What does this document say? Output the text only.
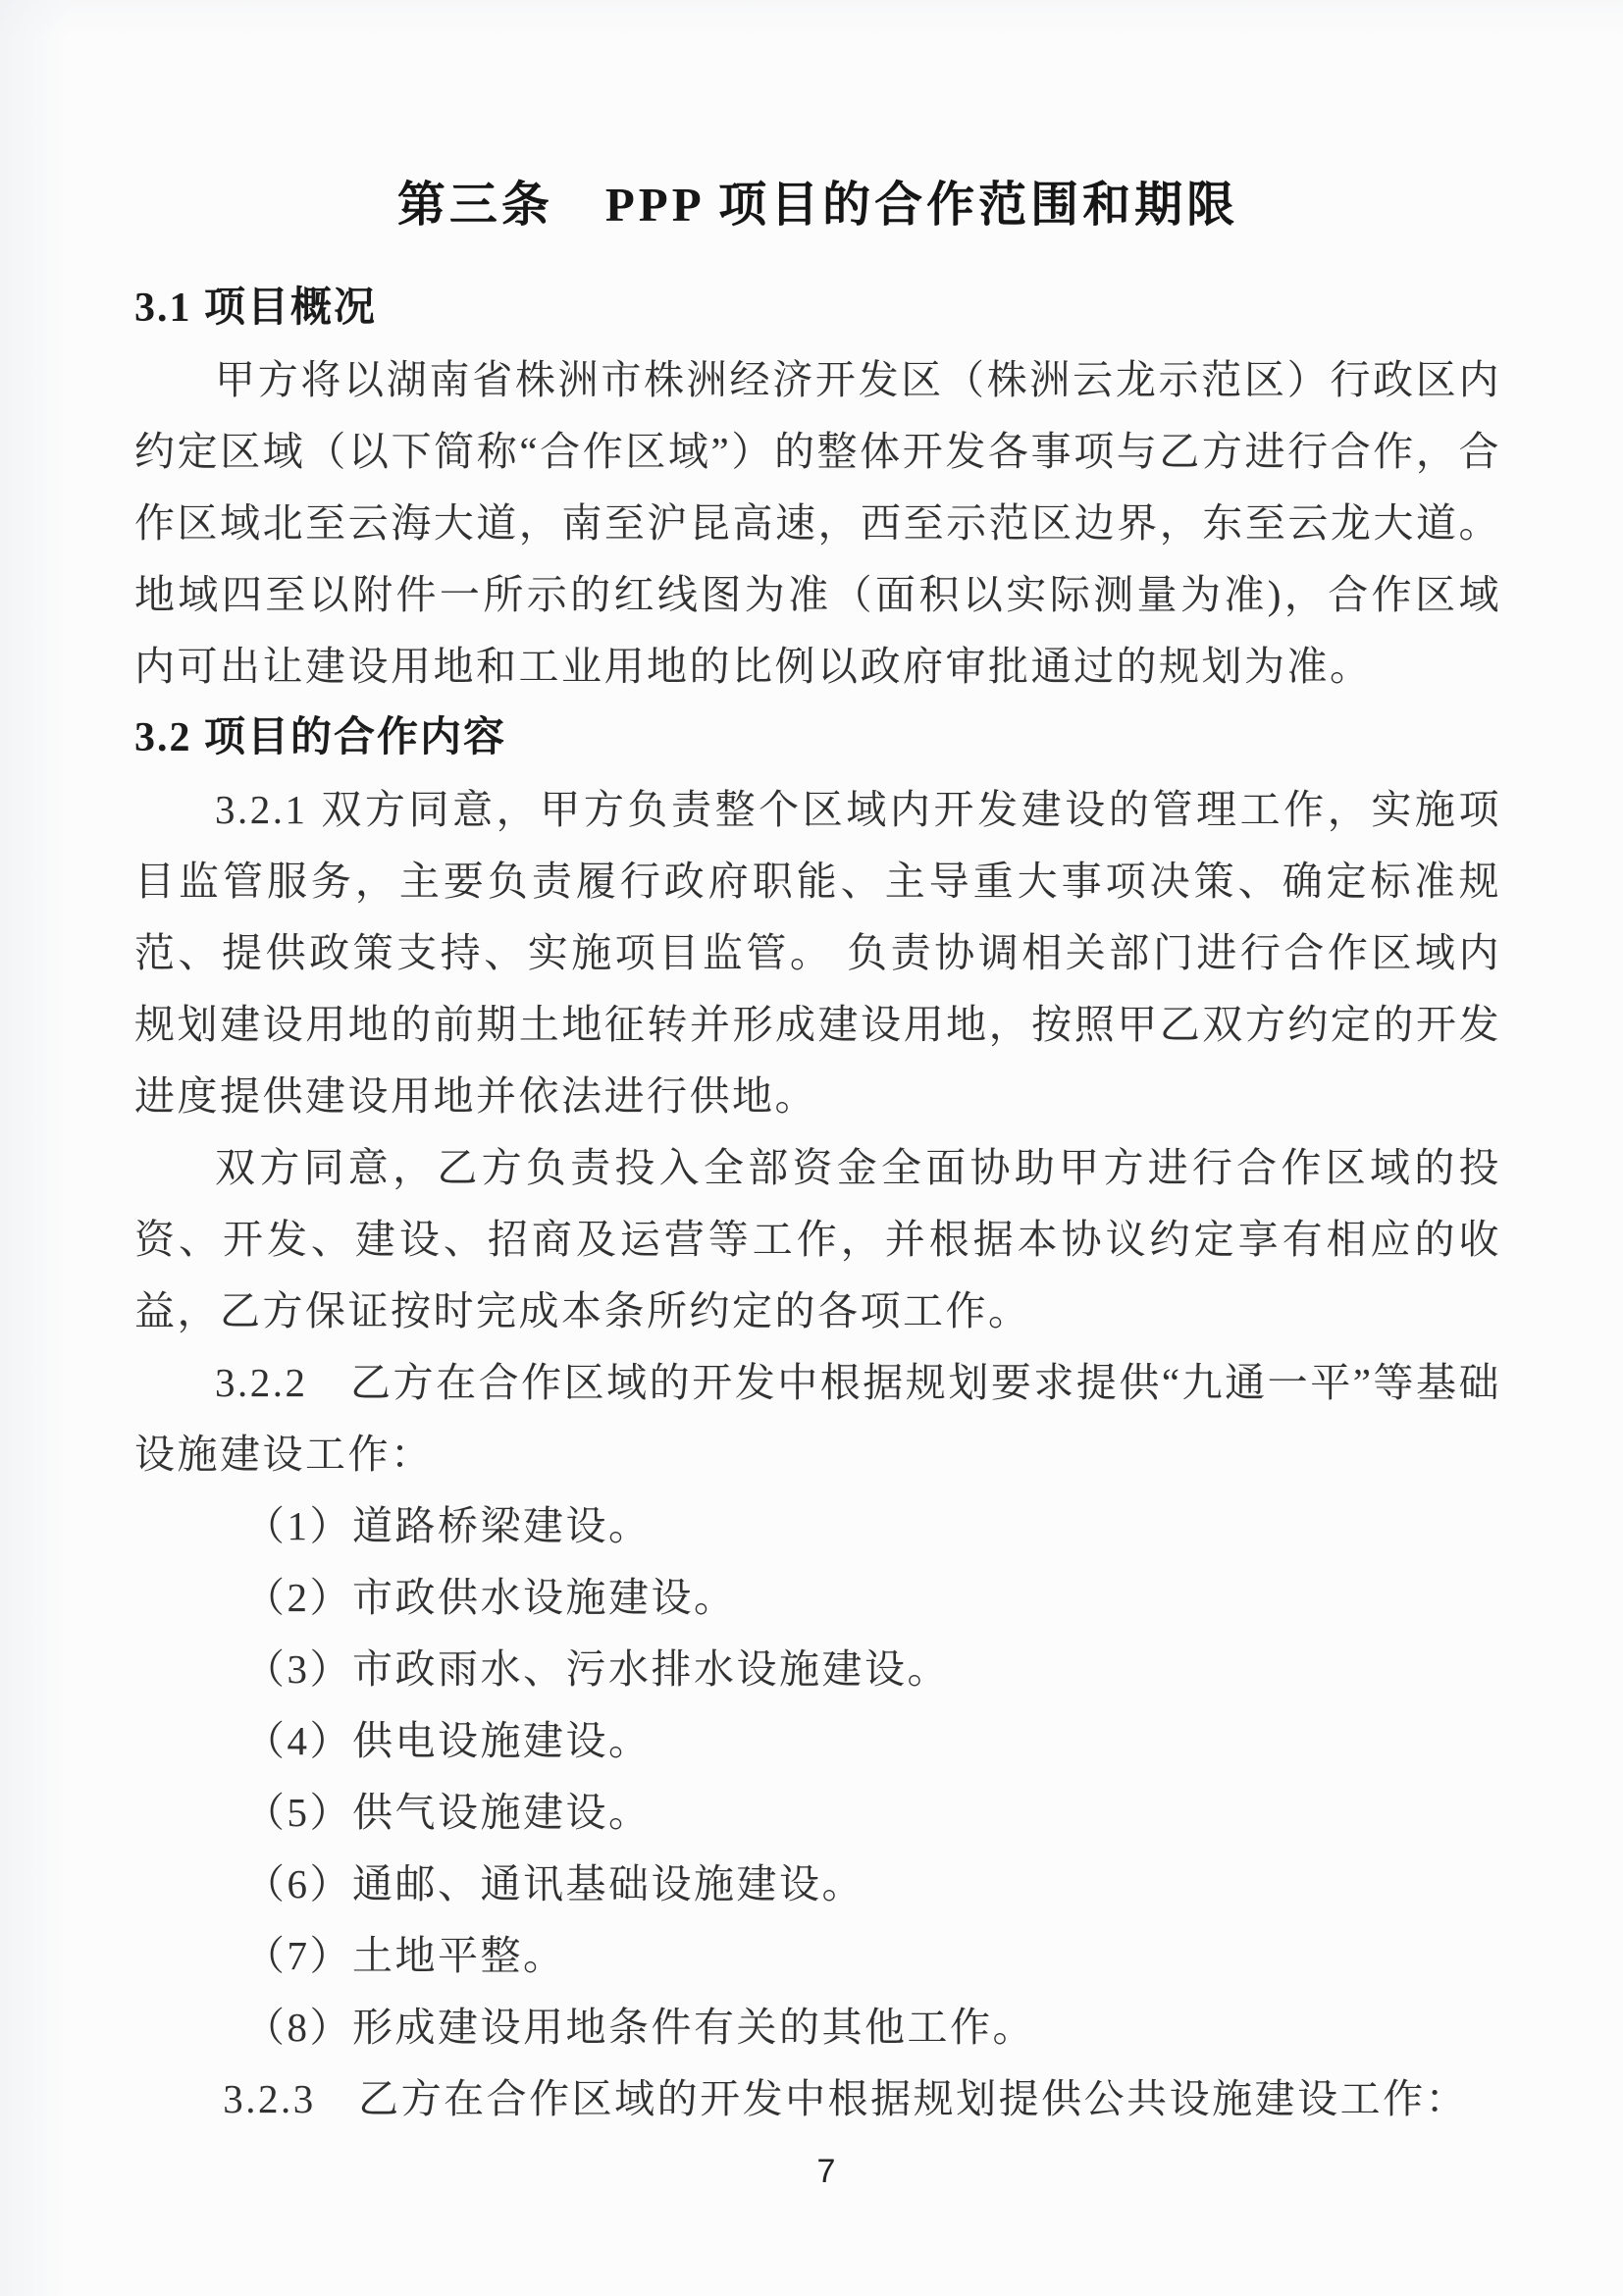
第三条　PPP 项目的合作范围和期限
3.1 项目概况

甲方将以湖南省株洲市株洲经济开发区（株洲云龙示范区）行政区内约定区域（以下简称“合作区域”）的整体开发各事项与乙方进行合作，合作区域北至云海大道，南至沪昆高速，西至示范区边界，东至云龙大道。地域四至以附件一所示的红线图为准（面积以实际测量为准)，合作区域内可出让建设用地和工业用地的比例以政府审批通过的规划为准。

3.2 项目的合作内容

3.2.1 双方同意，甲方负责整个区域内开发建设的管理工作，实施项目监管服务，主要负责履行政府职能、主导重大事项决策、确定标准规范、提供政策支持、实施项目监管。 负责协调相关部门进行合作区域内规划建设用地的前期土地征转并形成建设用地，按照甲乙双方约定的开发进度提供建设用地并依法进行供地。

双方同意，乙方负责投入全部资金全面协助甲方进行合作区域的投资、开发、建设、招商及运营等工作，并根据本协议约定享有相应的收益，乙方保证按时完成本条所约定的各项工作。

3.2.2　乙方在合作区域的开发中根据规划要求提供“九通一平”等基础设施建设工作：

（1）道路桥梁建设。
（2）市政供水设施建设。
（3）市政雨水、污水排水设施建设。
（4）供电设施建设。
（5）供气设施建设。
（6）通邮、通讯基础设施建设。
（7）土地平整。
（8）形成建设用地条件有关的其他工作。

3.2.3　乙方在合作区域的开发中根据规划提供公共设施建设工作：

7
